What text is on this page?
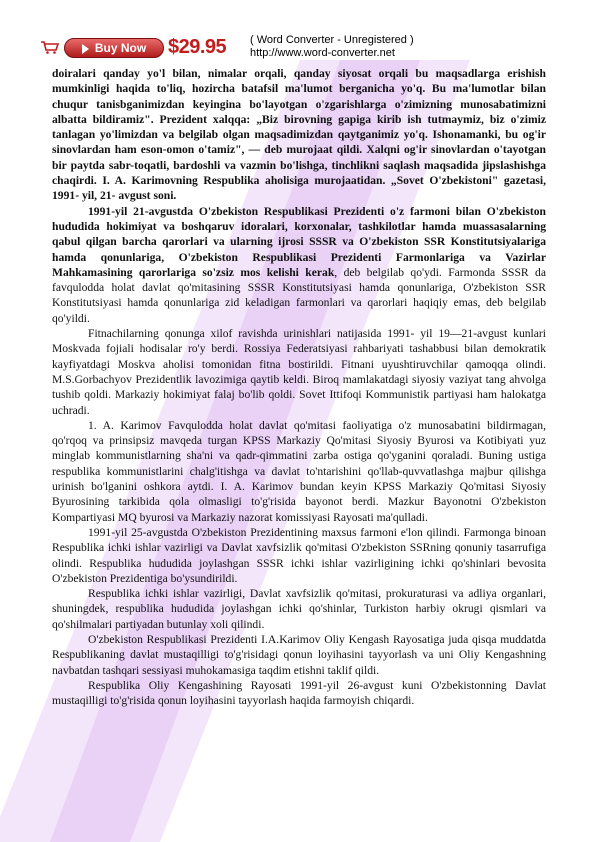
Buy Now	$29.95 ( Word Converter - Unregistered )
http://www.word-converter.net

doiralari qanday yo'l bilan, nimalar orqali, qanday siyosat orqali bu maqsadlarga erishish mumkinligi haqida to'liq, hozircha batafsil ma'lumot berganicha yo'q. Bu ma'lumotlar bilan chuqur tanisbganimizdan keyingina bo'layotgan o'zgarishlarga o'zimizning munosabatimizni albatta bildiramiz". Prezident xalqqa: „Biz birovning gapiga kirib ish tutmaymiz, biz o'zimiz tanlagan yo'limizdan va belgilab olgan maqsadimizdan qaytganimiz yo'q. Ishonamanki, bu og'ir sinovlardan ham eson-omon o'tamiz", — deb murojaat qildi. Xalqni og'ir sinovlardan o'tayotgan bir paytda sabr-toqatli, bardoshli va vazmin bo'lishga, tinchlikni saqlash maqsadida jipslashishga chaqirdi. I. A. Karimovning Respublika aholisiga murojaatidan. „Sovet O'zbekistoni" gazetasi, 1991- yil, 21- avgust soni.

1991-yil 21-avgustda O'zbekiston Respublikasi Prezidenti o'z farmoni bilan O'zbekiston hududida hokimiyat va boshqaruv idoralari, korxonalar, tashkilotlar hamda muassasalarning qabul qilgan barcha qarorlari va ularning ijrosi SSSR va O'zbekiston SSR Konstitutsiyalariga hamda qonunlariga, O'zbekiston Respublikasi Prezidenti Farmonlariga va Vazirlar Mahkamasining qarorlariga so'zsiz mos kelishi kerak, deb belgilab qo'ydi. Farmonda SSSR da favqulodda holat davlat qo'mitasining SSSR Konstitutsiyasi hamda qonunlariga, O'zbekiston SSR Konstitutsiyasi hamda qonunlariga zid keladigan farmonlari va qarorlari haqiqiy emas, deb belgilab qo'yildi.

Fitnachilarning qonunga xilof ravishda urinishlari natijasida 1991- yil 19—21-avgust kunlari Moskvada fojiali hodisalar ro'y berdi. Rossiya Federatsiyasi rahbariyati tashabbusi bilan demokratik kayfiyatdagi Moskva aholisi tomonidan fitna bostirildi. Fitnani uyushtiruvchilar qamoqqa olindi. M.S.Gorbachyov Prezidentlik lavozimiga qaytib keldi. Biroq mamlakatdagi siyosiy vaziyat tang ahvolga tushib qoldi. Markaziy hokimiyat falaj bo'lib qoldi. Sovet Ittifoqi Kommunistik partiyasi ham halokatga uchradi.

1. A. Karimov Favqulodda holat davlat qo'mitasi faoliyatiga o'z munosabatini bildirmagan, qo'rqoq va prinsipsiz mavqeda turgan KPSS Markaziy Qo'mitasi Siyosiy Byurosi va Kotibiyati yuz minglab kommunistlarning sha'ni va qadr-qimmatini zarba ostiga qo'yganini qoraladi. Buning ustiga respublika kommunistlarini chalg'itishga va davlat to'ntarishini qo'llab-quvvatlashga majbur qilishga urinish bo'lganini oshkora aytdi. I. A. Karimov bundan keyin KPSS Markaziy Qo'mitasi Siyosiy Byurosining tarkibida qola olmasligi to'g'risida bayonot berdi. Mazkur Bayonotni O'zbekiston Kompartiyasi MQ byurosi va Markaziy nazorat komissiyasi Rayosati ma'qulladi.

1991-yil 25-avgustda O'zbekiston Prezidentining maxsus farmoni e'lon qilindi. Farmonga binoan Respublika ichki ishlar vazirligi va Davlat xavfsizlik qo'mitasi O'zbekiston SSRning qonuniy tasarrufiga olindi. Respublika hududida joylashgan SSSR ichki ishlar vazirligining ichki qo'shinlari bevosita O'zbekiston Prezidentiga bo'ysundirildi.

Respublika ichki ishlar vazirligi, Davlat xavfsizlik qo'mitasi, prokuraturasi va adliya organlari, shuningdek, respublika hududida joylashgan ichki qo'shinlar, Turkiston harbiy okrugi qismlari va qo'shilmalari partiyadan butunlay xoli qilindi.

O'zbekiston Respublikasi Prezidenti I.A.Karimov Oliy Kengash Rayosatiga juda qisqa muddatda Respublikaning davlat mustaqilligi to'g'risidagi qonun loyihasini tayyorlash va uni Oliy Kengashning navbatdan tashqari sessiyasi muhokamasiga taqdim etishni taklif qildi.

Respublika Oliy Kengashining Rayosati 1991-yil 26-avgust kuni O'zbekistonning Davlat mustaqilligi to'g'risida qonun loyihasini tayyorlash haqida farmoyish chiqardi.
